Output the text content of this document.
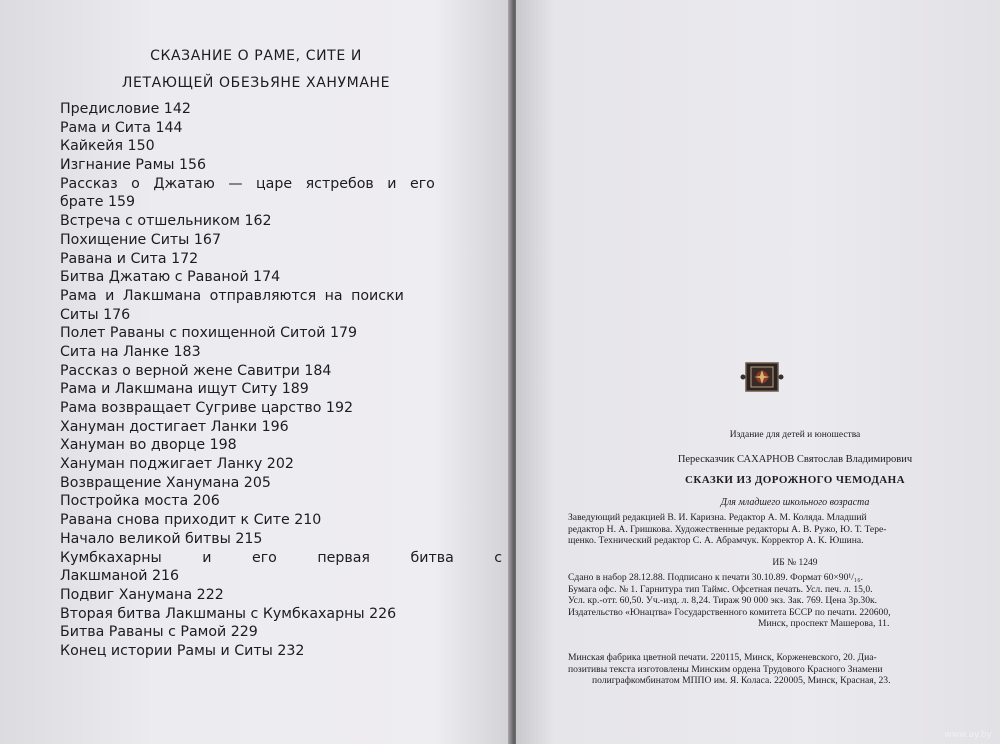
СКАЗАНИЕ О РАМЕ, СИТЕ И
ЛЕТАЮЩЕЙ ОБЕЗЬЯНЕ ХАНУМАНЕ
Предисловие 142
Рама и Сита 144
Кайкейя 150
Изгнание Рамы 156
Рассказ о Джатаю — царе ястребов и его
брате 159
Встреча с отшельником 162
Похищение Ситы 167
Равана и Сита 172
Битва Джатаю с Раваной 174
Рама и Лакшмана отправляются на поиски
Ситы 176
Полет Раваны с похищенной Ситой 179
Сита на Ланке 183
Рассказ о верной жене Савитри 184
Рама и Лакшмана ищут Ситу 189
Рама возвращает Сугриве царство 192
Хануман достигает Ланки 196
Хануман во дворце 198
Хануман поджигает Ланку 202
Возвращение Ханумана 205
Постройка моста 206
Равана снова приходит к Сите 210
Начало великой битвы 215
Кумбкахарны и его первая битва с
Лакшманой 216
Подвиг Ханумана 222
Вторая битва Лакшманы с Кумбкахарны 226
Битва Раваны с Рамой 229
Конец истории Рамы и Ситы 232
Издание для детей и юношества
Пересказчик САХАРНОВ Святослав Владимирович
СКАЗКИ ИЗ ДОРОЖНОГО ЧЕМОДАНА
Для младшего школьного возраста
Заведующий редакцией В. И. Каризна. Редактор А. М. Коляда. Младший
редактор Н. А. Гришкова. Художественные редакторы А. В. Ружо, Ю. Т. Тере-
щенко. Технический редактор С. А. Абрамчук. Корректор А. К. Юшина.
ИБ № 1249
Сдано в набор 28.12.88. Подписано к печати 30.10.89. Формат 60×90¹/₁₆.
Бумага офс. № 1. Гарнитура тип Таймс. Офсетная печать. Усл. печ. л. 15,0.
Усл. кр.-отт. 60,50. Уч.-изд. л. 8,24. Тираж 90 000 экз. Зак. 769. Цена 3р.30к.
Издательство «Юнацтва» Государственного комитета БССР по печати. 220600,
Минск, проспект Машерова, 11.
Минская фабрика цветной печати. 220115, Минск, Корженевского, 20. Диа-
позитивы текста изготовлены Минским ордена Трудового Красного Знамени
полиграфкомбинатом МППО им. Я. Коласа. 220005, Минск, Красная, 23.
www.ay.by
